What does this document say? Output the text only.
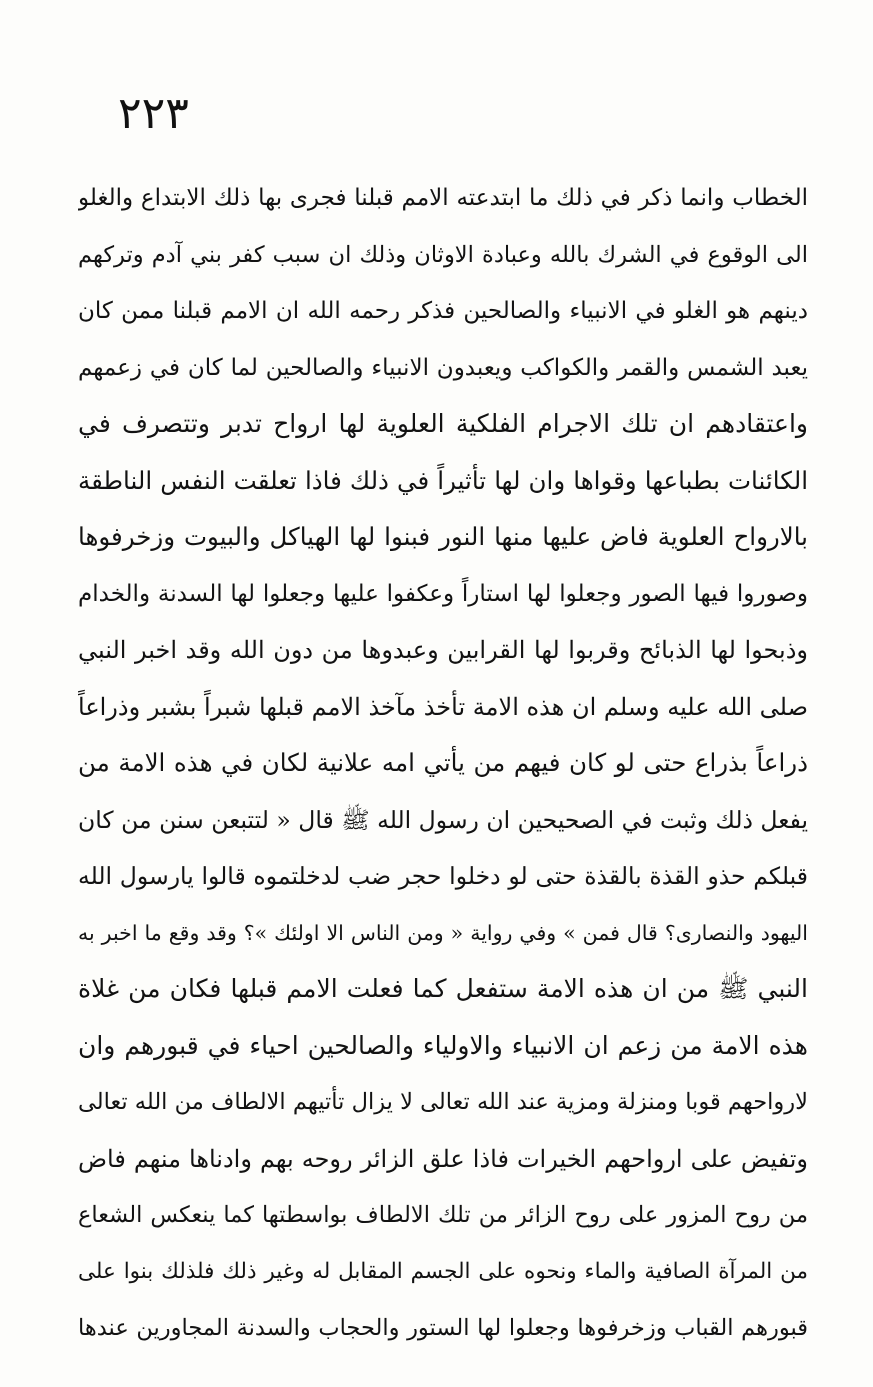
٢٢٣
الخطاب وانما ذكر في ذلك ما ابتدعته الامم قبلنا فجرى بها ذلك الابتداع والغلو
الى الوقوع في الشرك بالله وعبادة الاوثان وذلك ان سبب كفر بني آدم وتركهم
دينهم هو الغلو في الانبياء والصالحين فذكر رحمه الله ان الامم قبلنا ممن كان
يعبد الشمس والقمر والكواكب ويعبدون الانبياء والصالحين لما كان في زعمهم
واعتقادهم ان تلك الاجرام الفلكية العلوية لها ارواح تدبر وتتصرف في
الكائنات بطباعها وقواها وان لها تأثيراً في ذلك فاذا تعلقت النفس الناطقة
بالارواح العلوية فاض عليها منها النور فبنوا لها الهياكل والبيوت وزخرفوها
وصوروا فيها الصور وجعلوا لها استاراً وعكفوا عليها وجعلوا لها السدنة والخدام
وذبحوا لها الذبائح وقربوا لها القرابين وعبدوها من دون الله وقد اخبر النبي
صلى الله عليه وسلم ان هذه الامة تأخذ مآخذ الامم قبلها شبراً بشبر وذراعاً
ذراعاً بذراع حتى لو كان فيهم من يأتي امه علانية لكان في هذه الامة من
يفعل ذلك وثبت في الصحيحين ان رسول الله ﷺ قال « لتتبعن سنن من كان
قبلكم حذو القذة بالقذة حتى لو دخلوا حجر ضب لدخلتموه قالوا يارسول الله
اليهود والنصارى؟ قال فمن » وفي رواية « ومن الناس الا اولئك »؟ وقد وقع ما اخبر به
النبي ﷺ من ان هذه الامة ستفعل كما فعلت الامم قبلها فكان من غلاة
هذه الامة من زعم ان الانبياء والاولياء والصالحين احياء في قبورهم وان
لارواحهم قوبا ومنزلة ومزية عند الله تعالى لا يزال تأتيهم الالطاف من الله تعالى
وتفيض على ارواحهم الخيرات فاذا علق الزائر روحه بهم وادناها منهم فاض
من روح المزور على روح الزائر من تلك الالطاف بواسطتها كما ينعكس الشعاع
من المرآة الصافية والماء ونحوه على الجسم المقابل له وغير ذلك فلذلك بنوا على
قبورهم القباب وزخرفوها وجعلوا لها الستور والحجاب والسدنة المجاورين عندها
